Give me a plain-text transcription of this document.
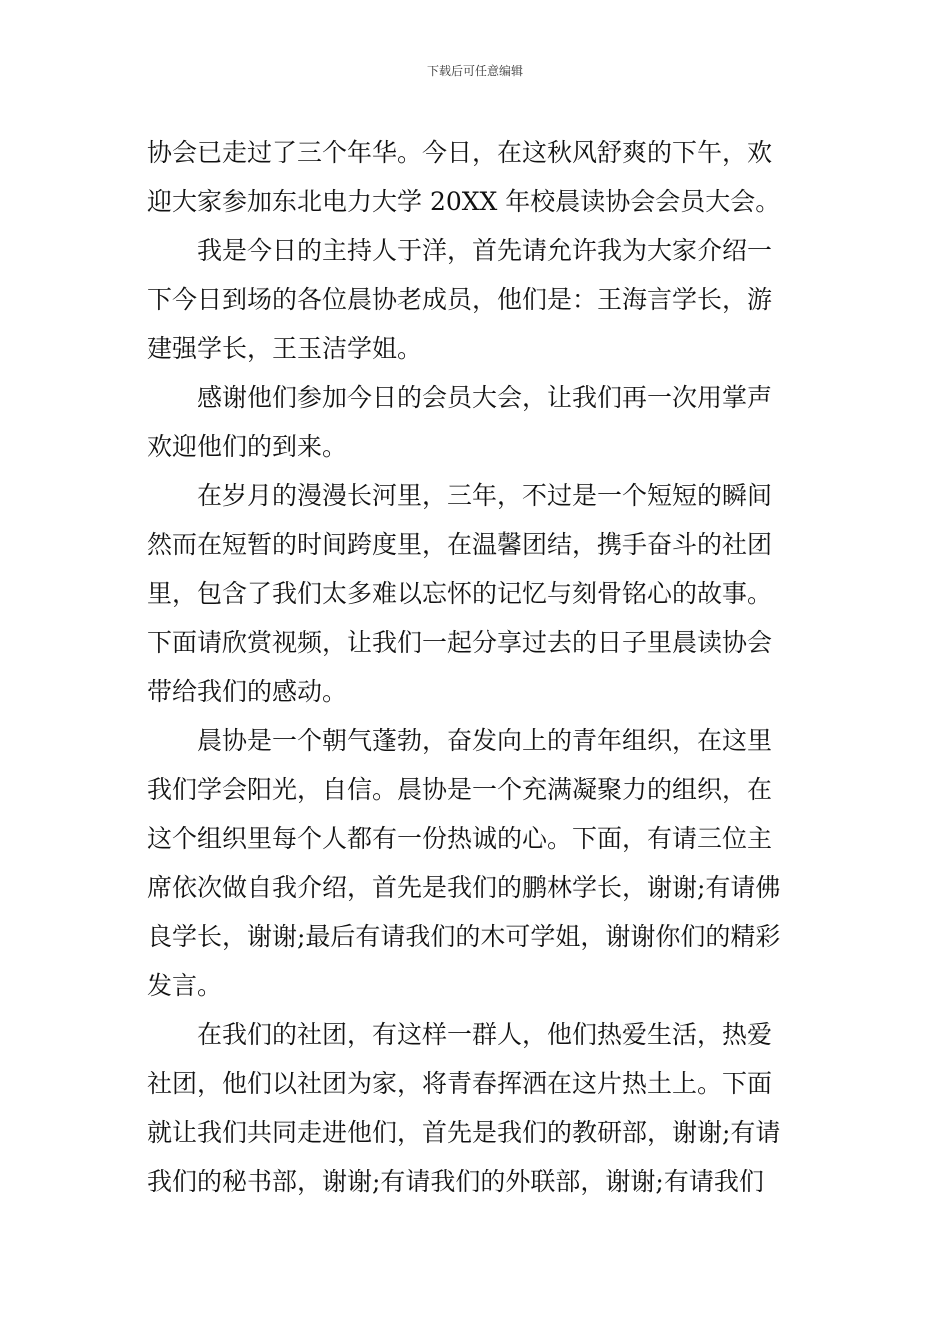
下载后可任意编辑
协会已走过了三个年华。今日，在这秋风舒爽的下午，欢
迎大家参加东北电力大学 20XX 年校晨读协会会员大会。
我是今日的主持人于洋，首先请允许我为大家介绍一
下今日到场的各位晨协老成员，他们是：王海言学长，游
建强学长，王玉洁学姐。
感谢他们参加今日的会员大会，让我们再一次用掌声
欢迎他们的到来。
在岁月的漫漫长河里，三年，不过是一个短短的瞬间
然而在短暂的时间跨度里，在温馨团结，携手奋斗的社团
里，包含了我们太多难以忘怀的记忆与刻骨铭心的故事。
下面请欣赏视频，让我们一起分享过去的日子里晨读协会
带给我们的感动。
晨协是一个朝气蓬勃，奋发向上的青年组织，在这里
我们学会阳光，自信。晨协是一个充满凝聚力的组织，在
这个组织里每个人都有一份热诚的心。下面，有请三位主
席依次做自我介绍，首先是我们的鹏林学长，谢谢;有请佛
良学长，谢谢;最后有请我们的木可学姐，谢谢你们的精彩
发言。
在我们的社团，有这样一群人，他们热爱生活，热爱
社团，他们以社团为家，将青春挥洒在这片热土上。下面
就让我们共同走进他们，首先是我们的教研部，谢谢;有请
我们的秘书部，谢谢;有请我们的外联部，谢谢;有请我们
